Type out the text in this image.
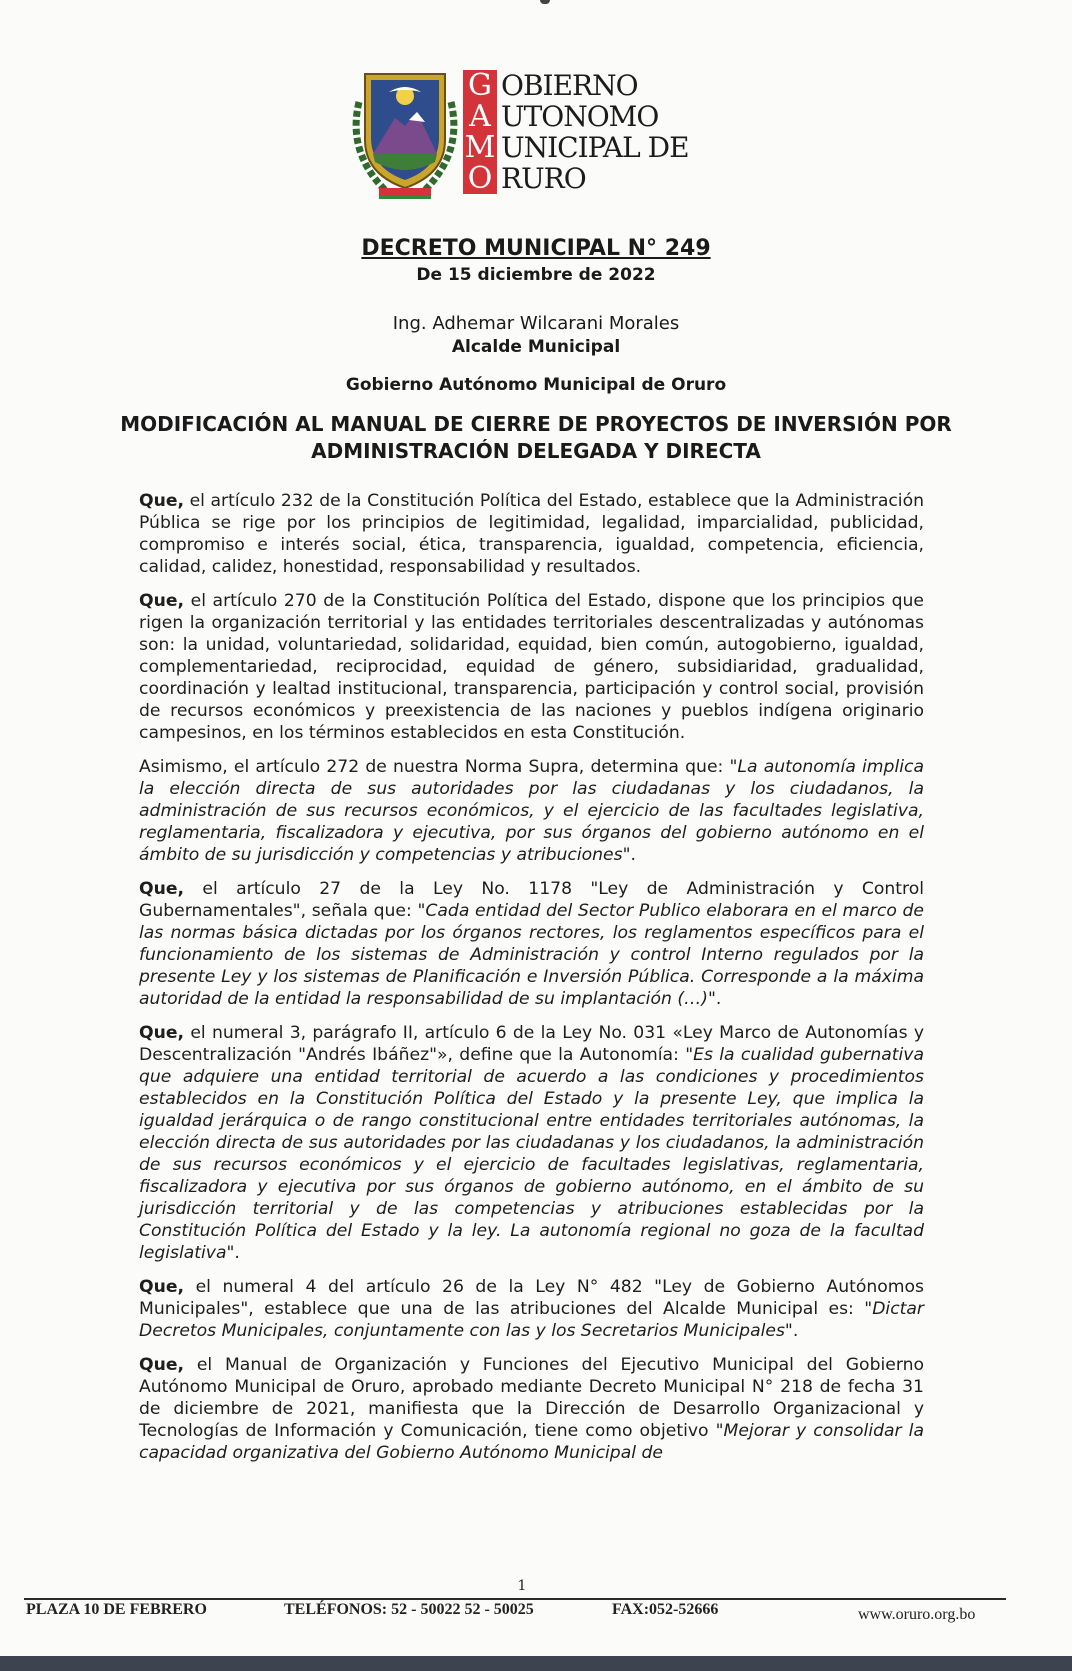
G
A
M
O
OBIERNO
UTONOMO
UNICIPAL DE
RURO
DECRETO MUNICIPAL N° 249
De 15 diciembre de 2022
Ing. Adhemar Wilcarani Morales
Alcalde Municipal
Gobierno Autónomo Municipal de Oruro
MODIFICACIÓN AL MANUAL DE CIERRE DE PROYECTOS DE INVERSIÓN POR
ADMINISTRACIÓN DELEGADA Y DIRECTA

Que, el artículo 232 de la Constitución Política del Estado, establece que la Administración Pública se rige por los principios de legitimidad, legalidad, imparcialidad, publicidad, compromiso e interés social, ética, transparencia, igualdad, competencia, eficiencia, calidad, calidez, honestidad, responsabilidad y resultados.

Que, el artículo 270 de la Constitución Política del Estado, dispone que los principios que rigen la organización territorial y las entidades territoriales descentralizadas y autónomas son: la unidad, voluntariedad, solidaridad, equidad, bien común, autogobierno, igualdad, complementariedad, reciprocidad, equidad de género, subsidiaridad, gradualidad, coordinación y lealtad institucional, transparencia, participación y control social, provisión de recursos económicos y preexistencia de las naciones y pueblos indígena originario campesinos, en los términos establecidos en esta Constitución.

Asimismo, el artículo 272 de nuestra Norma Supra, determina que: "La autonomía implica la elección directa de sus autoridades por las ciudadanas y los ciudadanos, la administración de sus recursos económicos, y el ejercicio de las facultades legislativa, reglamentaria, fiscalizadora y ejecutiva, por sus órganos del gobierno autónomo en el ámbito de su jurisdicción y competencias y atribuciones".

Que, el artículo 27 de la Ley No. 1178 "Ley de Administración y Control Gubernamentales", señala que: "Cada entidad del Sector Publico elaborara en el marco de las normas básica dictadas por los órganos rectores, los reglamentos específicos para el funcionamiento de los sistemas de Administración y control Interno regulados por la presente Ley y los sistemas de Planificación e Inversión Pública. Corresponde a la máxima autoridad de la entidad la responsabilidad de su implantación (…)".

Que, el numeral 3, parágrafo II, artículo 6 de la Ley No. 031 «Ley Marco de Autonomías y Descentralización "Andrés Ibáñez"», define que la Autonomía: "Es la cualidad gubernativa que adquiere una entidad territorial de acuerdo a las condiciones y procedimientos establecidos en la Constitución Política del Estado y la presente Ley, que implica la igualdad jerárquica o de rango constitucional entre entidades territoriales autónomas, la elección directa de sus autoridades por las ciudadanas y los ciudadanos, la administración de sus recursos económicos y el ejercicio de facultades legislativas, reglamentaria, fiscalizadora y ejecutiva por sus órganos de gobierno autónomo, en el ámbito de su jurisdicción territorial y de las competencias y atribuciones establecidas por la Constitución Política del Estado y la ley. La autonomía regional no goza de la facultad legislativa".

Que, el numeral 4 del artículo 26 de la Ley N° 482 "Ley de Gobierno Autónomos Municipales", establece que una de las atribuciones del Alcalde Municipal es: "Dictar Decretos Municipales, conjuntamente con las y los Secretarios Municipales".

Que, el Manual de Organización y Funciones del Ejecutivo Municipal del Gobierno Autónomo Municipal de Oruro, aprobado mediante Decreto Municipal N° 218 de fecha 31 de diciembre de 2021, manifiesta que la Dirección de Desarrollo Organizacional y Tecnologías de Información y Comunicación, tiene como objetivo "Mejorar y consolidar la capacidad organizativa del Gobierno Autónomo Municipal de

1
PLAZA 10 DE FEBRERO	TELÉFONOS: 52 - 50022 52 - 50025	FAX:052-52666	www.oruro.org.bo
